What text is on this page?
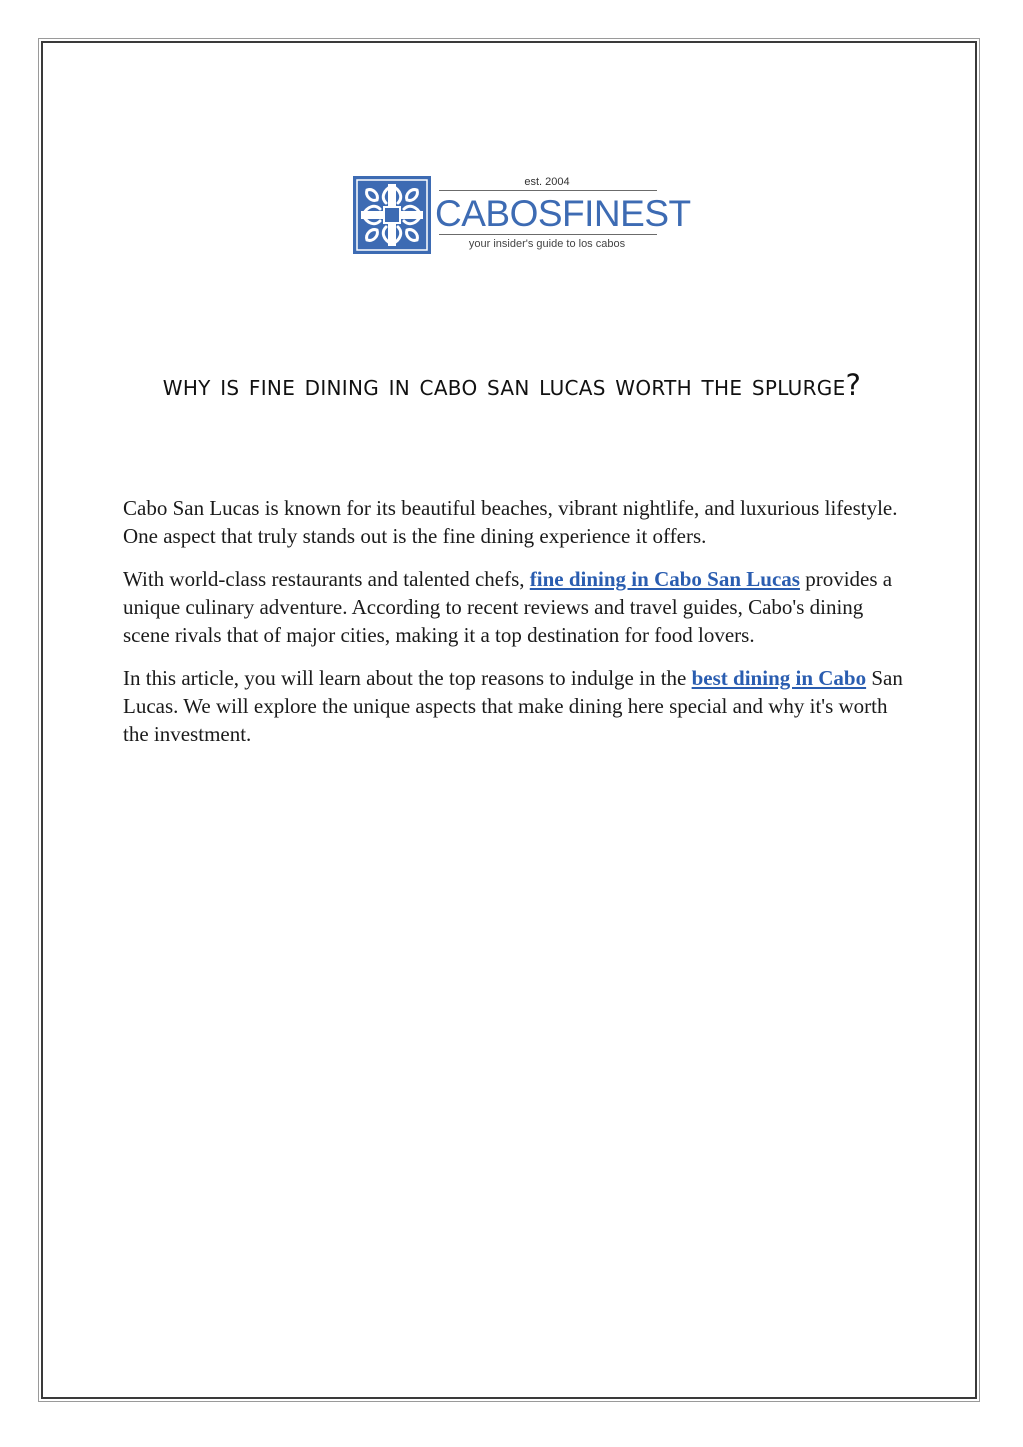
est. 2004
CABOSFINEST
your insider's guide to los cabos
why is fine dining in cabo san lucas worth the splurge?

Cabo San Lucas is known for its beautiful beaches, vibrant nightlife, and luxurious lifestyle. One aspect that truly stands out is the fine dining experience it offers.

With world-class restaurants and talented chefs, fine dining in Cabo San Lucas provides a unique culinary adventure. According to recent reviews and travel guides, Cabo's dining scene rivals that of major cities, making it a top destination for food lovers.

In this article, you will learn about the top reasons to indulge in the best dining in Cabo San Lucas. We will explore the unique aspects that make dining here special and why it's worth the investment.
